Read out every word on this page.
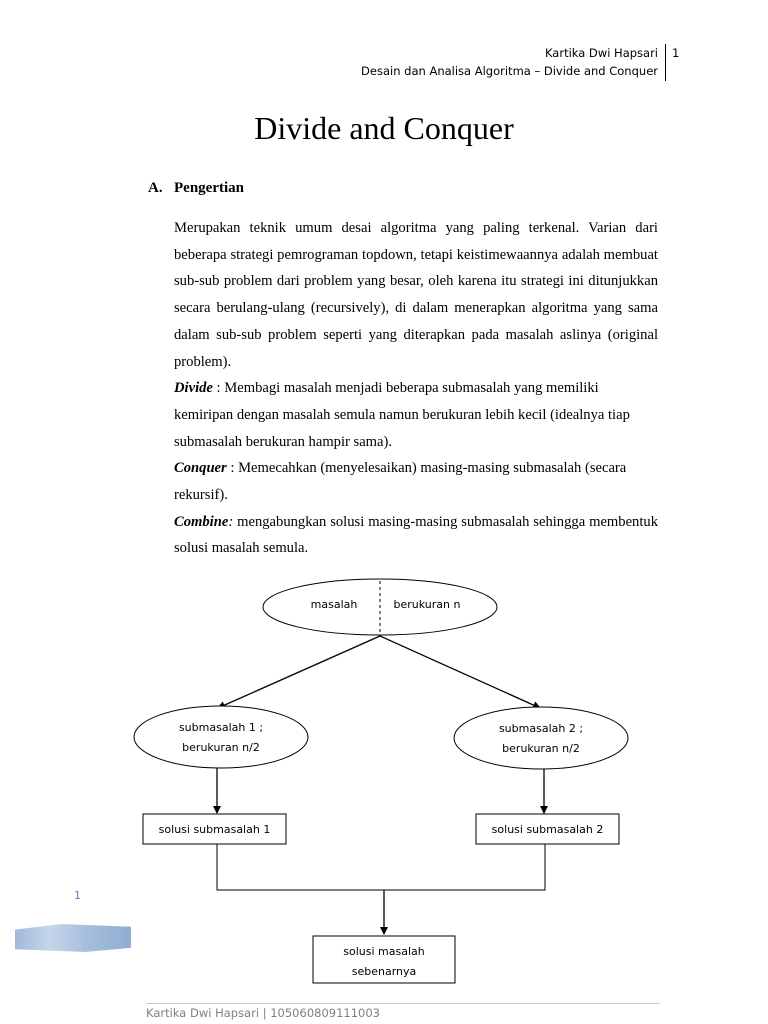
Kartika Dwi Hapsari
Desain dan Analisa Algoritma – Divide and Conquer
1
Divide and Conquer
A. Pengertian

Merupakan teknik umum desai algoritma yang paling terkenal. Varian dari beberapa strategi pemrograman topdown, tetapi keistimewaannya adalah membuat sub-sub problem dari problem yang besar, oleh karena itu strategi ini ditunjukkan secara berulang-ulang (recursively), di dalam menerapkan algoritma yang sama dalam sub-sub problem seperti yang diterapkan pada masalah aslinya (original problem).

Divide : Membagi masalah menjadi beberapa submasalah yang memiliki kemiripan dengan masalah semula namun berukuran lebih kecil (idealnya tiap submasalah berukuran hampir sama).

Conquer : Memecahkan (menyelesaikan) masing-masing submasalah (secara rekursif).

Combine: mengabungkan solusi masing-masing submasalah sehingga membentuk solusi masalah semula.

masalah	berukuran n
submasalah 1 ;
berukuran n/2
submasalah 2 ;
berukuran n/2
solusi submasalah 1	solusi submasalah 2
solusi masalah
sebenarnya
1
Kartika Dwi Hapsari | 105060809111003
